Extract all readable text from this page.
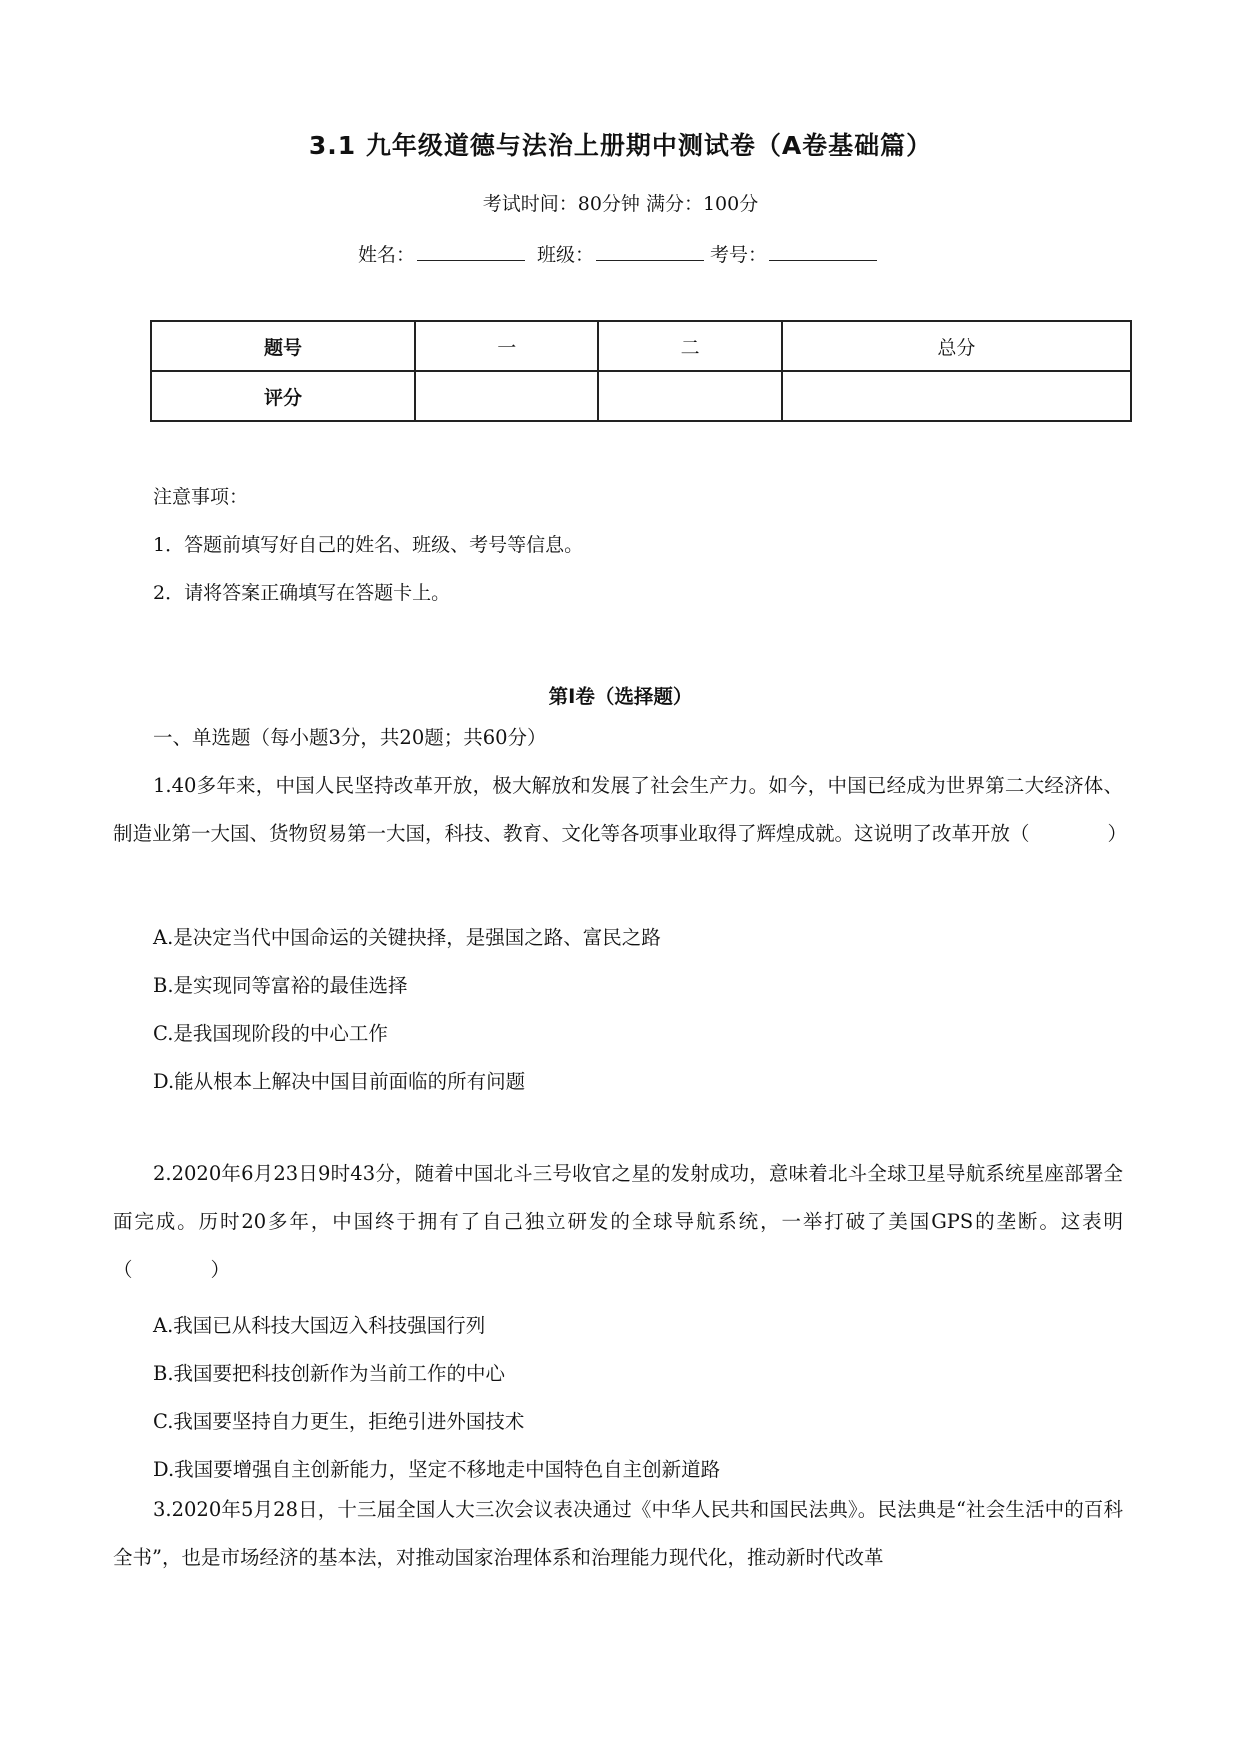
3.1 九年级道德与法治上册期中测试卷（A卷基础篇）
考试时间：80分钟 满分：100分
姓名：	班级：	考号：
题号	一	二	总分
评分			
注意事项：
1．答题前填写好自己的姓名、班级、考号等信息。
2．请将答案正确填写在答题卡上。
第I卷（选择题）
一、单选题（每小题3分，共20题；共60分）
1.40多年来，中国人民坚持改革开放，极大解放和发展了社会生产力。如今，中国已经成为世界第二大经济体、制造业第一大国、货物贸易第一大国，科技、教育、文化等各项事业取得了辉煌成就。这说明了改革开放（　　　　）
A.是决定当代中国命运的关键抉择，是强国之路、富民之路
B.是实现同等富裕的最佳选择
C.是我国现阶段的中心工作
D.能从根本上解决中国目前面临的所有问题
2.2020年6月23日9时43分，随着中国北斗三号收官之星的发射成功，意味着北斗全球卫星导航系统星座部署全面完成。历时20多年，中国终于拥有了自己独立研发的全球导航系统，一举打破了美国GPS的垄断。这表明（　　　　）
A.我国已从科技大国迈入科技强国行列
B.我国要把科技创新作为当前工作的中心
C.我国要坚持自力更生，拒绝引进外国技术
D.我国要增强自主创新能力，坚定不移地走中国特色自主创新道路
3.2020年5月28日，十三届全国人大三次会议表决通过《中华人民共和国民法典》。民法典是“社会生活中的百科全书”，也是市场经济的基本法，对推动国家治理体系和治理能力现代化，推动新时代改革
